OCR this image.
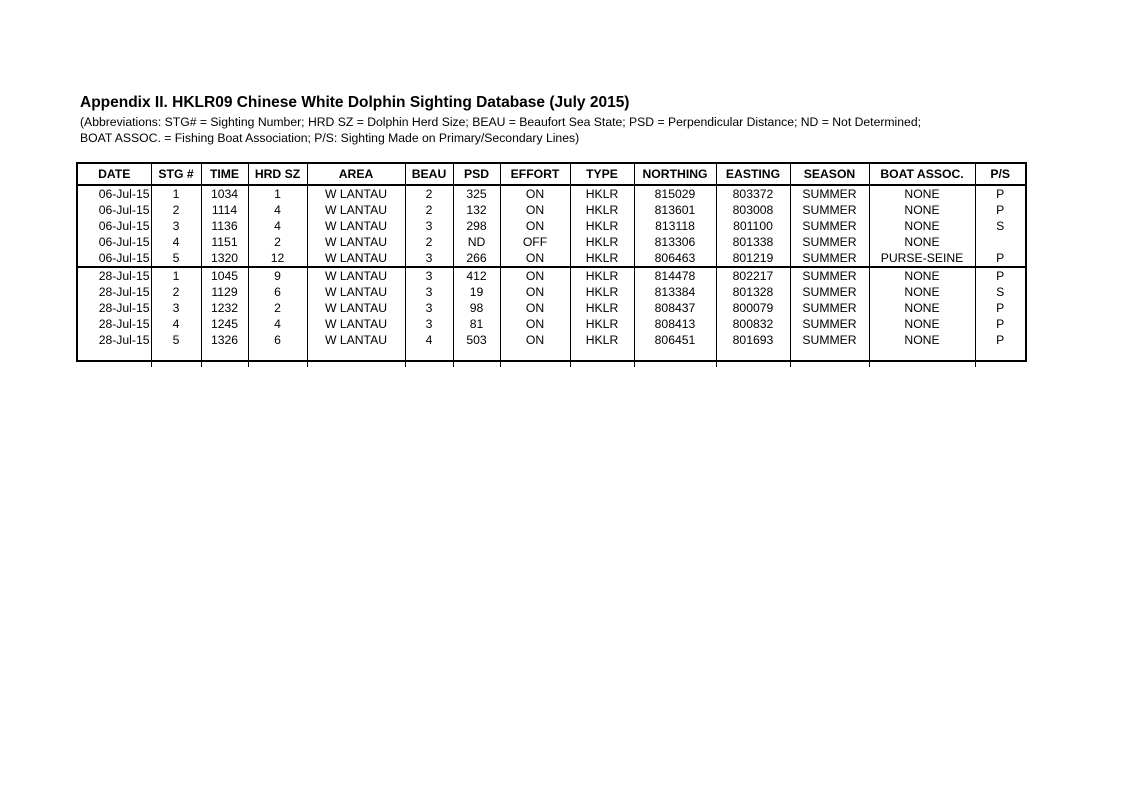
Appendix II. HKLR09 Chinese White Dolphin Sighting Database (July 2015)
(Abbreviations: STG# = Sighting Number; HRD SZ = Dolphin Herd Size; BEAU = Beaufort Sea State; PSD = Perpendicular Distance; ND = Not Determined;
BOAT ASSOC. = Fishing Boat Association; P/S: Sighting Made on Primary/Secondary Lines)
DATE	STG #	TIME	HRD SZ	AREA	BEAU	PSD	EFFORT	TYPE	NORTHING	EASTING	SEASON	BOAT ASSOC.	P/S
06-Jul-15	1	1034	1	W LANTAU	2	325	ON	HKLR	815029	803372	SUMMER	NONE	P
06-Jul-15	2	1114	4	W LANTAU	2	132	ON	HKLR	813601	803008	SUMMER	NONE	P
06-Jul-15	3	1136	4	W LANTAU	3	298	ON	HKLR	813118	801100	SUMMER	NONE	S
06-Jul-15	4	1151	2	W LANTAU	2	ND	OFF	HKLR	813306	801338	SUMMER	NONE	
06-Jul-15	5	1320	12	W LANTAU	3	266	ON	HKLR	806463	801219	SUMMER	PURSE-SEINE	P
28-Jul-15	1	1045	9	W LANTAU	3	412	ON	HKLR	814478	802217	SUMMER	NONE	P
28-Jul-15	2	1129	6	W LANTAU	3	19	ON	HKLR	813384	801328	SUMMER	NONE	S
28-Jul-15	3	1232	2	W LANTAU	3	98	ON	HKLR	808437	800079	SUMMER	NONE	P
28-Jul-15	4	1245	4	W LANTAU	3	81	ON	HKLR	808413	800832	SUMMER	NONE	P
28-Jul-15	5	1326	6	W LANTAU	4	503	ON	HKLR	806451	801693	SUMMER	NONE	P
